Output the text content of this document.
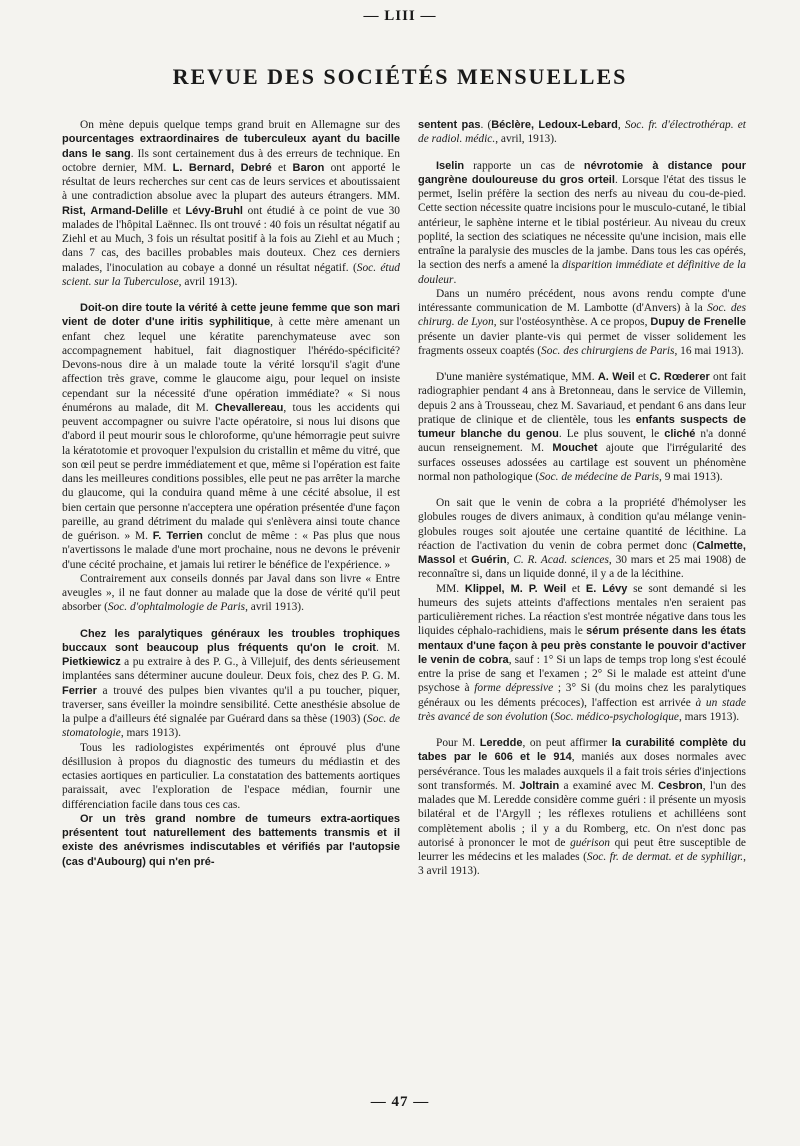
— LIII —
REVUE DES SOCIÉTÉS MENSUELLES

On mène depuis quelque temps grand bruit en Allemagne sur des pourcentages extraordinaires de tuberculeux ayant du bacille dans le sang. Ils sont certainement dus à des erreurs de technique. En octobre dernier, MM. L. Bernard, Debré et Baron ont apporté le résultat de leurs recherches sur cent cas de leurs services et aboutissaient à une contradiction absolue avec la plupart des auteurs étrangers. MM. Rist, Armand-Delille et Lévy-Bruhl ont étudié à ce point de vue 30 malades de l'hôpital Laënnec. Ils ont trouvé : 40 fois un résultat négatif au Ziehl et au Much, 3 fois un résultat positif à la fois au Ziehl et au Much ; dans 7 cas, des bacilles probables mais douteux. Chez ces derniers malades, l'inoculation au cobaye a donné un résultat négatif. (Soc. étud scient. sur la Tuberculose, avril 1913).

Doit-on dire toute la vérité à cette jeune femme que son mari vient de doter d'une iritis syphilitique, à cette mère amenant un enfant chez lequel une kératite parenchymateuse avec son accompagnement habituel, fait diagnostiquer l'hérédo-spécificité? Devons-nous dire à un malade toute la vérité lorsqu'il s'agit d'une affection très grave, comme le glaucome aigu, pour lequel on insiste cependant sur la nécessité d'une opération immédiate? « Si nous énumérons au malade, dit M. Chevallereau, tous les accidents qui peuvent accompagner ou suivre l'acte opératoire, si nous lui disons que d'abord il peut mourir sous le chloroforme, qu'une hémorragie peut suivre la kératotomie et provoquer l'expulsion du cristallin et même du vitré, que son œil peut se perdre immédiatement et que, même si l'opération est faite dans les meilleures conditions possibles, elle peut ne pas arrêter la marche du glaucome, qui la conduira quand même à une cécité absolue, il est bien certain que personne n'acceptera une opération présentée d'une façon pareille, au grand détriment du malade qui s'enlèvera ainsi toute chance de guérison. » M. F. Terrien conclut de même : « Pas plus que nous n'avertissons le malade d'une mort prochaine, nous ne devons le prévenir d'une cécité prochaine, et jamais lui retirer le bénéfice de l'expérience. »

Contrairement aux conseils donnés par Javal dans son livre « Entre aveugles », il ne faut donner au malade que la dose de vérité qu'il peut absorber (Soc. d'ophtalmologie de Paris, avril 1913).

Chez les paralytiques généraux les troubles trophiques buccaux sont beaucoup plus fréquents qu'on le croit. M. Pietkiewicz a pu extraire à des P. G., à Villejuif, des dents sérieusement implantées sans déterminer aucune douleur. Deux fois, chez des P. G. M. Ferrier a trouvé des pulpes bien vivantes qu'il a pu toucher, piquer, traverser, sans éveiller la moindre sensibilité. Cette anesthésie absolue de la pulpe a d'ailleurs été signalée par Guérard dans sa thèse (1903) (Soc. de stomatologie, mars 1913).

Tous les radiologistes expérimentés ont éprouvé plus d'une désillusion à propos du diagnostic des tumeurs du médiastin et des ectasies aortiques en particulier. La constatation des battements aortiques paraissait, avec l'exploration de l'espace médian, fournir une différenciation facile dans tous ces cas.

Or un très grand nombre de tumeurs extra-aortiques présentent tout naturellement des battements transmis et il existe des anévrismes indiscutables et vérifiés par l'autopsie (cas d'Aubourg) qui n'en pré-

sentent pas. (Béclère, Ledoux-Lebard, Soc. fr. d'électrothérap. et de radiol. médic., avril, 1913).

Iselin rapporte un cas de névrotomie à distance pour gangrène douloureuse du gros orteil. Lorsque l'état des tissus le permet, Iselin préfère la section des nerfs au niveau du cou-de-pied. Cette section nécessite quatre incisions pour le musculo-cutané, le tibial antérieur, le saphène interne et le tibial postérieur. Au niveau du creux poplité, la section des sciatiques ne nécessite qu'une incision, mais elle entraîne la paralysie des muscles de la jambe. Dans tous les cas opérés, la section des nerfs a amené la disparition immédiate et définitive de la douleur.

Dans un numéro précédent, nous avons rendu compte d'une intéressante communication de M. Lambotte (d'Anvers) à la Soc. des chirurg. de Lyon, sur l'ostéosynthèse. A ce propos, Dupuy de Frenelle présente un davier plante-vis qui permet de visser solidement les fragments osseux coaptés (Soc. des chirurgiens de Paris, 16 mai 1913).

D'une manière systématique, MM. A. Weil et C. Rœderer ont fait radiographier pendant 4 ans à Bretonneau, dans le service de Villemin, depuis 2 ans à Trousseau, chez M. Savariaud, et pendant 6 ans dans leur pratique de clinique et de clientèle, tous les enfants suspects de tumeur blanche du genou. Le plus souvent, le cliché n'a donné aucun renseignement. M. Mouchet ajoute que l'irrégularité des surfaces osseuses adossées au cartilage est souvent un phénomène normal non pathologique (Soc. de médecine de Paris, 9 mai 1913).

On sait que le venin de cobra a la propriété d'hémolyser les globules rouges de divers animaux, à condition qu'au mélange venin-globules rouges soit ajoutée une certaine quantité de lécithine. La réaction de l'activation du venin de cobra permet donc (Calmette, Massol et Guérin, C. R. Acad. sciences, 30 mars et 25 mai 1908) de reconnaître si, dans un liquide donné, il y a de la lécithine.

MM. Klippel, M. P. Weil et E. Lévy se sont demandé si les humeurs des sujets atteints d'affections mentales n'en seraient pas particulièrement riches. La réaction s'est montrée négative dans tous les liquides céphalo-rachidiens, mais le sérum présente dans les états mentaux d'une façon à peu près constante le pouvoir d'activer le venin de cobra, sauf : 1° Si un laps de temps trop long s'est écoulé entre la prise de sang et l'examen ; 2° Si le malade est atteint d'une psychose à forme dépressive ; 3° Si (du moins chez les paralytiques généraux ou les déments précoces), l'affection est arrivée à un stade très avancé de son évolution (Soc. médico-psychologique, mars 1913).

Pour M. Leredde, on peut affirmer la curabilité complète du tabes par le 606 et le 914, maniés aux doses normales avec persévérance. Tous les malades auxquels il a fait trois séries d'injections sont transformés. M. Joltrain a examiné avec M. Cesbron, l'un des malades que M. Leredde considère comme guéri : il présente un myosis bilatéral et de l'Argyll ; les réflexes rotuliens et achilléens sont complètement abolis ; il y a du Romberg, etc. On n'est donc pas autorisé à prononcer le mot de guérison qui peut être susceptible de leurrer les médecins et les malades (Soc. fr. de dermat. et de syphiligr., 3 avril 1913).

— 47 —
